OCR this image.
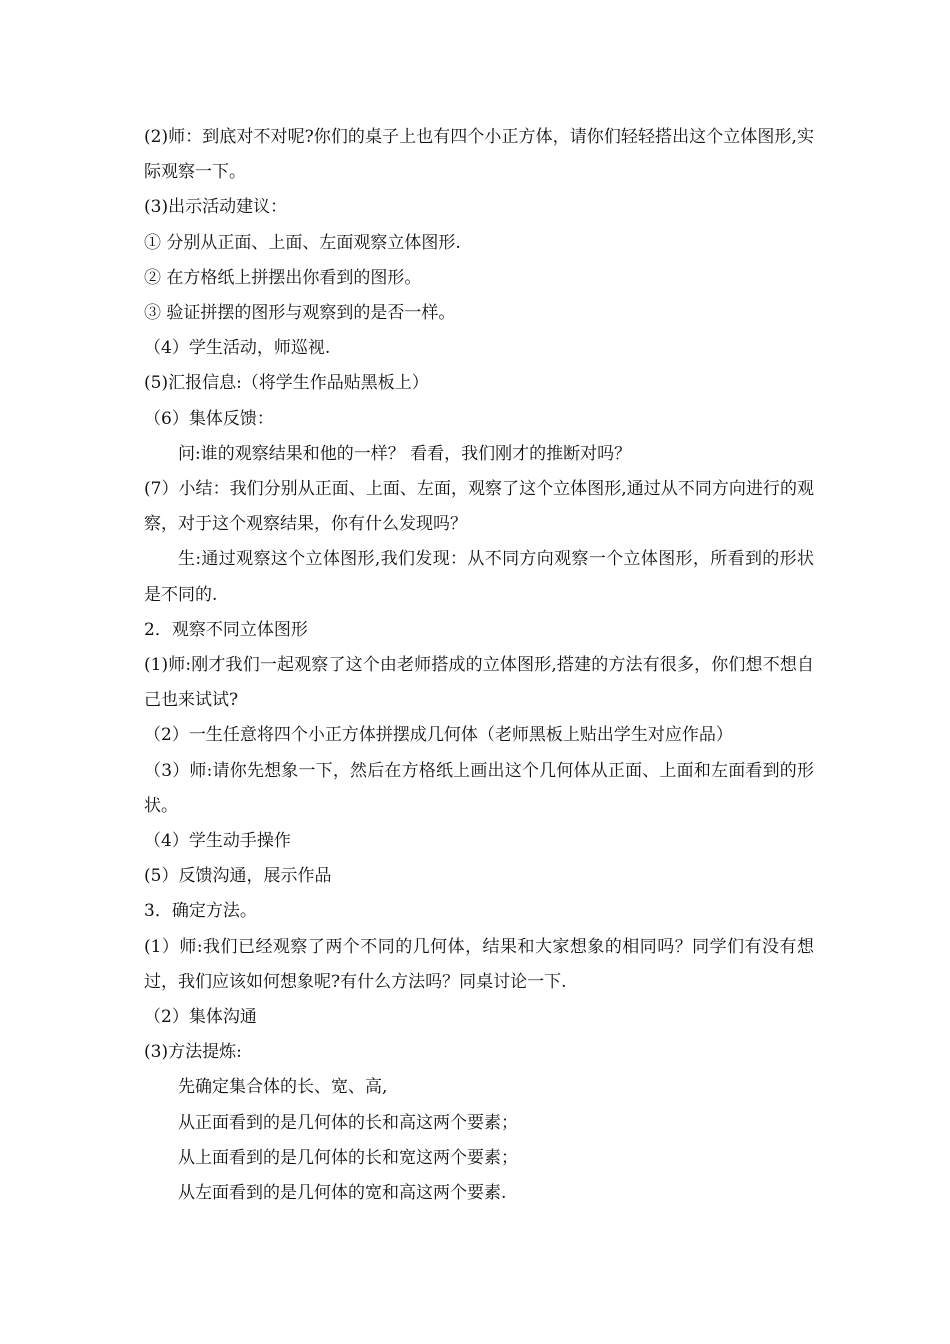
(2)师：到底对不对呢?你们的桌子上也有四个小正方体，请你们轻轻搭出这个立体图形,实际观察一下。

(3)出示活动建议：

① 分别从正面、上面、左面观察立体图形.

② 在方格纸上拼摆出你看到的图形。

③ 验证拼摆的图形与观察到的是否一样。

（4）学生活动，师巡视.

(5)汇报信息:（将学生作品贴黑板上）

（6）集体反馈：

问:谁的观察结果和他的一样？ 看看，我们刚才的推断对吗？

(7）小结：我们分别从正面、上面、左面，观察了这个立体图形,通过从不同方向进行的观察，对于这个观察结果，你有什么发现吗？

生:通过观察这个立体图形,我们发现：从不同方向观察一个立体图形，所看到的形状是不同的.

2．观察不同立体图形

(1)师:刚才我们一起观察了这个由老师搭成的立体图形,搭建的方法有很多，你们想不想自己也来试试?

（2）一生任意将四个小正方体拼摆成几何体（老师黑板上贴出学生对应作品）

（3）师:请你先想象一下，然后在方格纸上画出这个几何体从正面、上面和左面看到的形状。

（4）学生动手操作

(5）反馈沟通，展示作品

3．确定方法。

(1）师:我们已经观察了两个不同的几何体，结果和大家想象的相同吗？同学们有没有想过，我们应该如何想象呢?有什么方法吗？同桌讨论一下.

（2）集体沟通

(3)方法提炼:

先确定集合体的长、宽、高,

从正面看到的是几何体的长和高这两个要素；

从上面看到的是几何体的长和宽这两个要素；

从左面看到的是几何体的宽和高这两个要素.
